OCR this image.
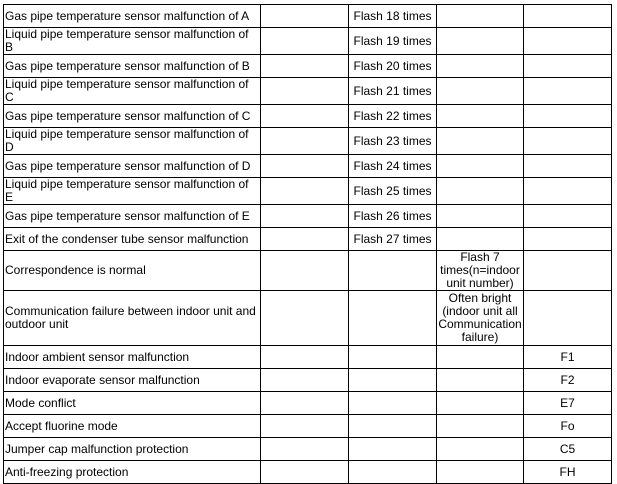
Gas pipe temperature sensor malfunction of A		Flash 18 times		
Liquid pipe temperature sensor malfunction of B		Flash 19 times		
Gas pipe temperature sensor malfunction of B		Flash 20 times		
Liquid pipe temperature sensor malfunction of C		Flash 21 times		
Gas pipe temperature sensor malfunction of C		Flash 22 times		
Liquid pipe temperature sensor malfunction of D		Flash 23 times		
Gas pipe temperature sensor malfunction of D		Flash 24 times		
Liquid pipe temperature sensor malfunction of E		Flash 25 times		
Gas pipe temperature sensor malfunction of E		Flash 26 times		
Exit of the condenser tube sensor malfunction		Flash 27 times		
Correspondence is normal			Flash 7 times(n=indoor unit number)	
Communication failure between indoor unit and outdoor unit			Often bright (indoor unit all Communication failure)	
Indoor ambient sensor malfunction				F1
Indoor evaporate sensor malfunction				F2
Mode conflict				E7
Accept fluorine mode				Fo
Jumper cap malfunction protection				C5
Anti-freezing protection				FH
